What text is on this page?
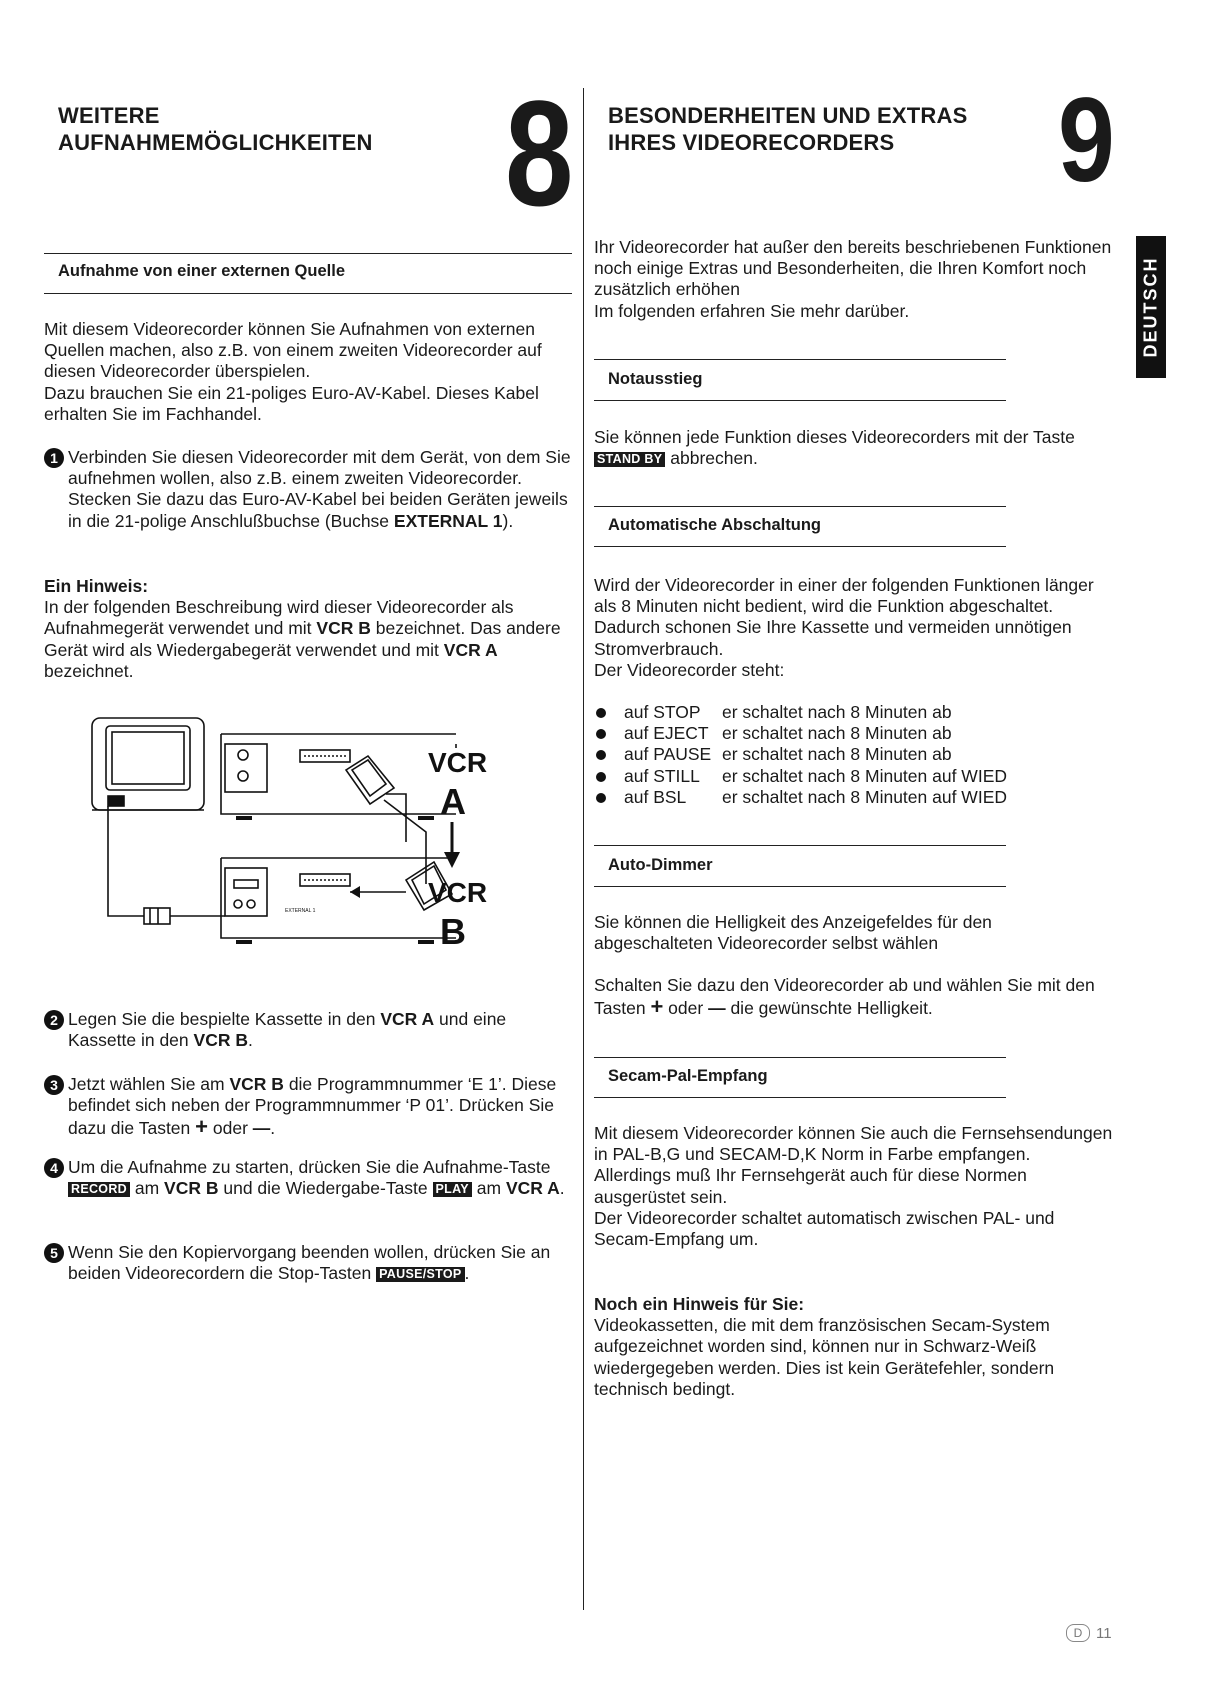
WEITERE
AUFNAHMEMÖGLICHKEITEN 8
Aufnahme von einer externen Quelle
Mit diesem Videorecorder können Sie Aufnahmen von externen Quellen machen, also z.B. von einem zweiten Videorecorder auf diesen Videorecorder überspielen.
Dazu brauchen Sie ein 21-poliges Euro-AV-Kabel. Dieses Kabel erhalten Sie im Fachhandel.
1 Verbinden Sie diesen Videorecorder mit dem Gerät, von dem Sie aufnehmen wollen, also z.B. einem zweiten Videorecorder. Stecken Sie dazu das Euro-AV-Kabel bei beiden Geräten jeweils in die 21-polige Anschlußbuchse (Buchse EXTERNAL 1).
Ein Hinweis:
In der folgenden Beschreibung wird dieser Videorecorder als Aufnahmegerät verwendet und mit VCR B bezeichnet. Das andere Gerät wird als Wiedergabegerät verwendet und mit VCR A bezeichnet.
EXTERNAL 1
VCR
A
VCR
B
2 Legen Sie die bespielte Kassette in den VCR A und eine Kassette in den VCR B.
3 Jetzt wählen Sie am VCR B die Programmnummer ‘E 1’. Diese befindet sich neben der Programmnummer ‘P 01’. Drücken Sie dazu die Tasten + oder —.
4 Um die Aufnahme zu starten, drücken Sie die Aufnahme-Taste RECORD am VCR B und die Wiedergabe-Taste PLAY am VCR A.
5 Wenn Sie den Kopiervorgang beenden wollen, drücken Sie an beiden Videorecordern die Stop-Tasten PAUSE/STOP .
BESONDERHEITEN UND EXTRAS
IHRES VIDEORECORDERS	9
DEUTSCH
Ihr Videorecorder hat außer den bereits beschriebenen Funktionen noch einige Extras und Besonderheiten, die Ihren Komfort noch zusätzlich erhöhen
Im folgenden erfahren Sie mehr darüber.
Notausstieg
Sie können jede Funktion dieses Videorecorders mit der Taste STAND BY abbrechen.
Automatische Abschaltung
Wird der Videorecorder in einer der folgenden Funktionen länger als 8 Minuten nicht bedient, wird die Funktion abgeschaltet. Dadurch schonen Sie Ihre Kassette und vermeiden unnötigen Stromverbrauch.
Der Videorecorder steht:
auf STOP	er schaltet nach 8 Minuten ab
auf EJECT er schaltet nach 8 Minuten ab
auf PAUSE er schaltet nach 8 Minuten ab
auf STILL	er schaltet nach 8 Minuten auf WIED
auf BSL	er schaltet nach 8 Minuten auf WIED
Auto-Dimmer
Sie können die Helligkeit des Anzeigefeldes für den abgeschalteten Videorecorder selbst wählen
Schalten Sie dazu den Videorecorder ab und wählen Sie mit den Tasten + oder — die gewünschte Helligkeit.
Secam-Pal-Empfang
Mit diesem Videorecorder können Sie auch die Fernsehsendungen in PAL-B,G und SECAM-D,K Norm in Farbe empfangen.
Allerdings muß Ihr Fernsehgerät auch für diese Normen ausgerüstet sein.
Der Videorecorder schaltet automatisch zwischen PAL- und Secam-Empfang um.
Noch ein Hinweis für Sie:
Videokassetten, die mit dem französischen Secam-System aufgezeichnet worden sind, können nur in Schwarz-Weiß wiedergegeben werden. Dies ist kein Gerätefehler, sondern technisch bedingt.
D 11
